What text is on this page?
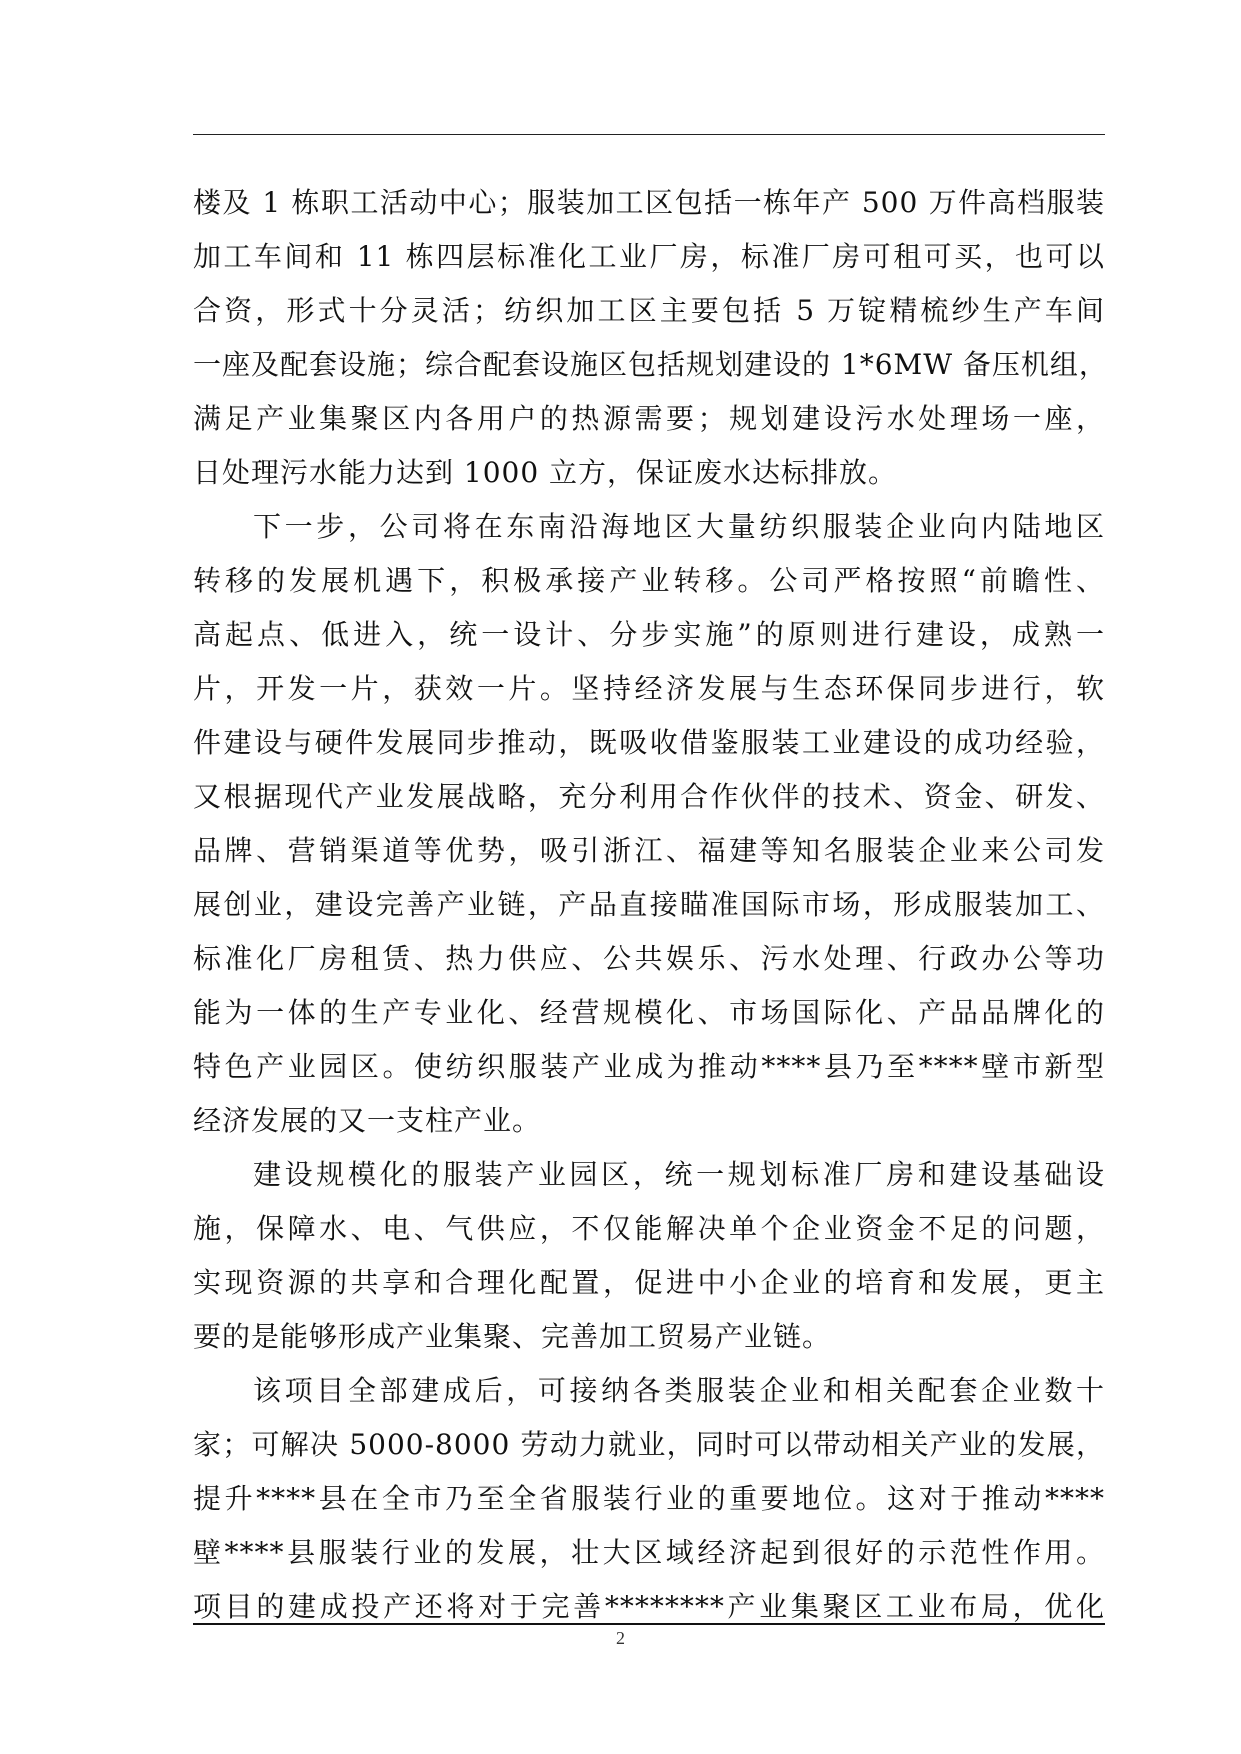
楼及 1 栋职工活动中心；服装加工区包括一栋年产 500 万件高档服装
加工车间和 11 栋四层标准化工业厂房，标准厂房可租可买，也可以
合资，形式十分灵活；纺织加工区主要包括 5 万锭精梳纱生产车间
一座及配套设施；综合配套设施区包括规划建设的 1*6MW 备压机组，
满足产业集聚区内各用户的热源需要；规划建设污水处理场一座，
日处理污水能力达到 1000 立方，保证废水达标排放。
下一步，公司将在东南沿海地区大量纺织服装企业向内陆地区
转移的发展机遇下，积极承接产业转移。公司严格按照“前瞻性、
高起点、低进入，统一设计、分步实施”的原则进行建设，成熟一
片，开发一片，获效一片。坚持经济发展与生态环保同步进行，软
件建设与硬件发展同步推动，既吸收借鉴服装工业建设的成功经验，
又根据现代产业发展战略，充分利用合作伙伴的技术、资金、研发、
品牌、营销渠道等优势，吸引浙江、福建等知名服装企业来公司发
展创业，建设完善产业链，产品直接瞄准国际市场，形成服装加工、
标准化厂房租赁、热力供应、公共娱乐、污水处理、行政办公等功
能为一体的生产专业化、经营规模化、市场国际化、产品品牌化的
特色产业园区。使纺织服装产业成为推动****县乃至****壁市新型
经济发展的又一支柱产业。
建设规模化的服装产业园区，统一规划标准厂房和建设基础设
施，保障水、电、气供应，不仅能解决单个企业资金不足的问题，
实现资源的共享和合理化配置，促进中小企业的培育和发展，更主
要的是能够形成产业集聚、完善加工贸易产业链。
该项目全部建成后，可接纳各类服装企业和相关配套企业数十
家；可解决 5000-8000 劳动力就业，同时可以带动相关产业的发展，
提升****县在全市乃至全省服装行业的重要地位。这对于推动****
壁****县服装行业的发展，壮大区域经济起到很好的示范性作用。
项目的建成投产还将对于完善********产业集聚区工业布局，优化
2
